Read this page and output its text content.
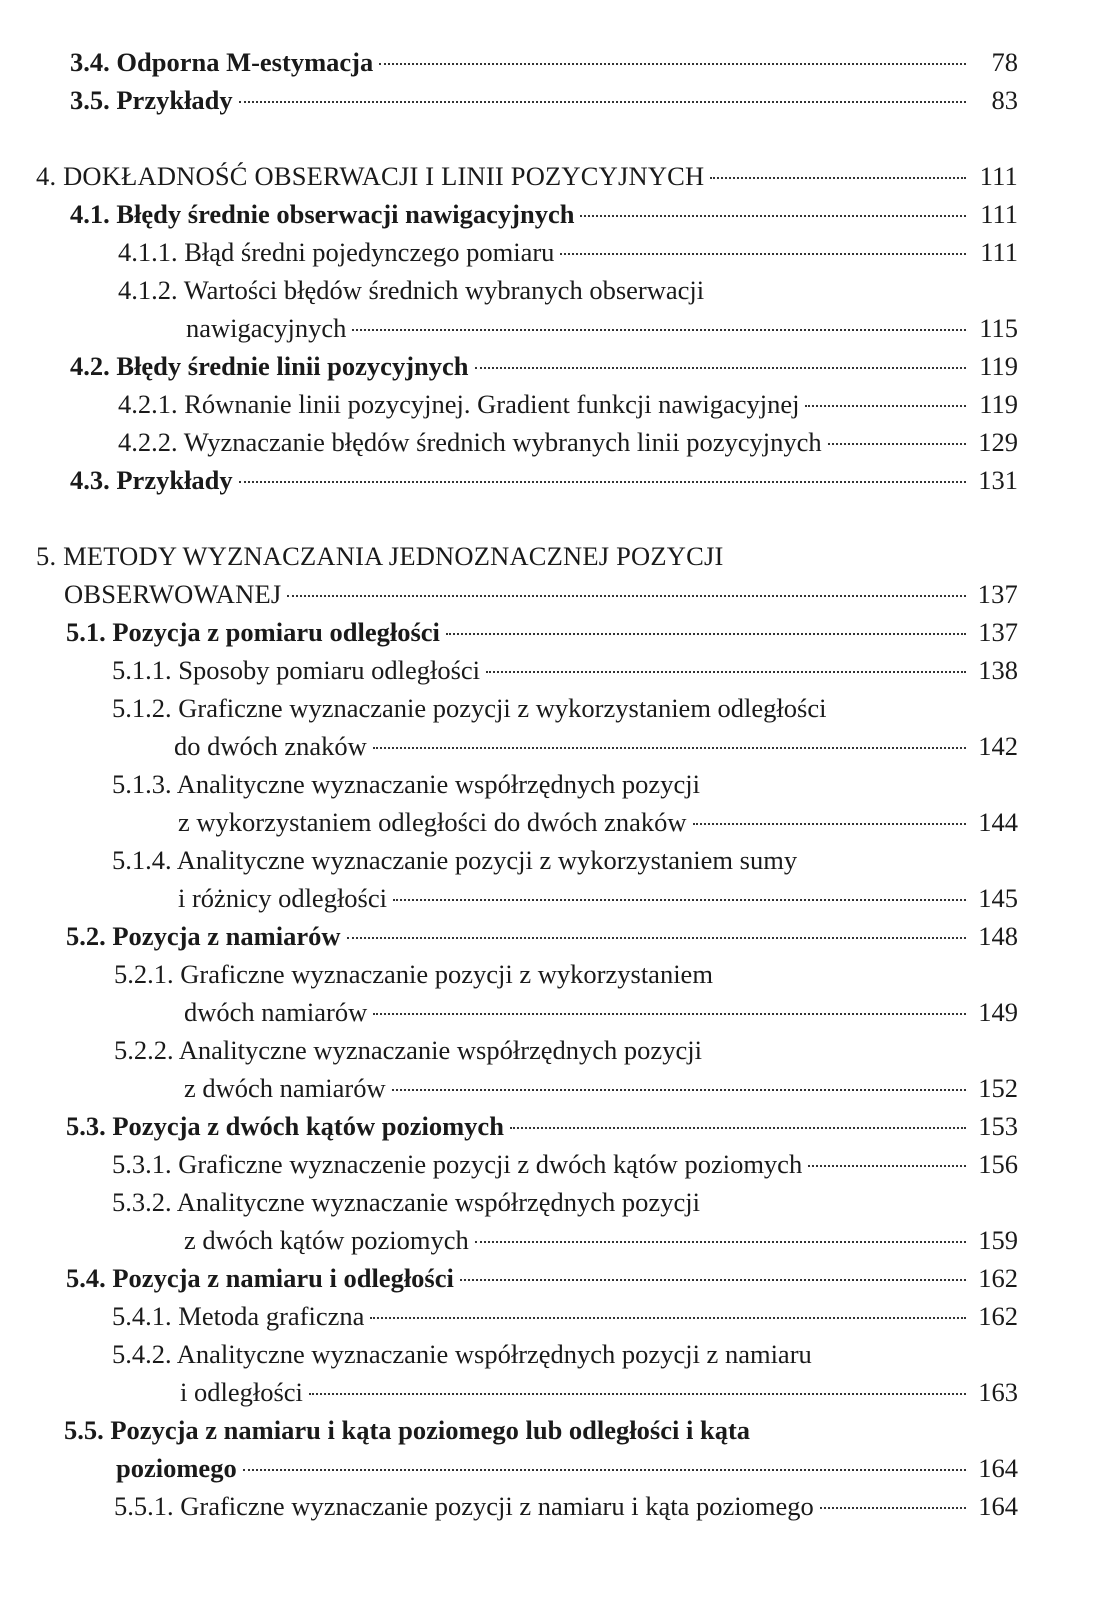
3.4. Odporna M-estymacja	78
3.5. Przykłady	83
4. DOKŁADNOŚĆ OBSERWACJI I LINII POZYCYJNYCH	111
4.1. Błędy średnie obserwacji nawigacyjnych	111
4.1.1. Błąd średni pojedynczego pomiaru	111
4.1.2. Wartości błędów średnich wybranych obserwacji
nawigacyjnych	115
4.2. Błędy średnie linii pozycyjnych	119
4.2.1. Równanie linii pozycyjnej. Gradient funkcji nawigacyjnej	119
4.2.2. Wyznaczanie błędów średnich wybranych linii pozycyjnych	129
4.3. Przykłady	131
5. METODY WYZNACZANIA JEDNOZNACZNEJ POZYCJI
OBSERWOWANEJ	137
5.1. Pozycja z pomiaru odległości	137
5.1.1. Sposoby pomiaru odległości	138
5.1.2. Graficzne wyznaczanie pozycji z wykorzystaniem odległości
do dwóch znaków	142
5.1.3. Analityczne wyznaczanie współrzędnych pozycji
z wykorzystaniem odległości do dwóch znaków	144
5.1.4. Analityczne wyznaczanie pozycji z wykorzystaniem sumy
i różnicy odległości	145
5.2. Pozycja z namiarów	148
5.2.1. Graficzne wyznaczanie pozycji z wykorzystaniem
dwóch namiarów	149
5.2.2. Analityczne wyznaczanie współrzędnych pozycji
z dwóch namiarów	152
5.3. Pozycja z dwóch kątów poziomych	153
5.3.1. Graficzne wyznaczenie pozycji z dwóch kątów poziomych	156
5.3.2. Analityczne wyznaczanie współrzędnych pozycji
z dwóch kątów poziomych	159
5.4. Pozycja z namiaru i odległości	162
5.4.1. Metoda graficzna	162
5.4.2. Analityczne wyznaczanie współrzędnych pozycji z namiaru
i odległości	163
5.5. Pozycja z namiaru i kąta poziomego lub odległości i kąta
poziomego	164
5.5.1. Graficzne wyznaczanie pozycji z namiaru i kąta poziomego	164
